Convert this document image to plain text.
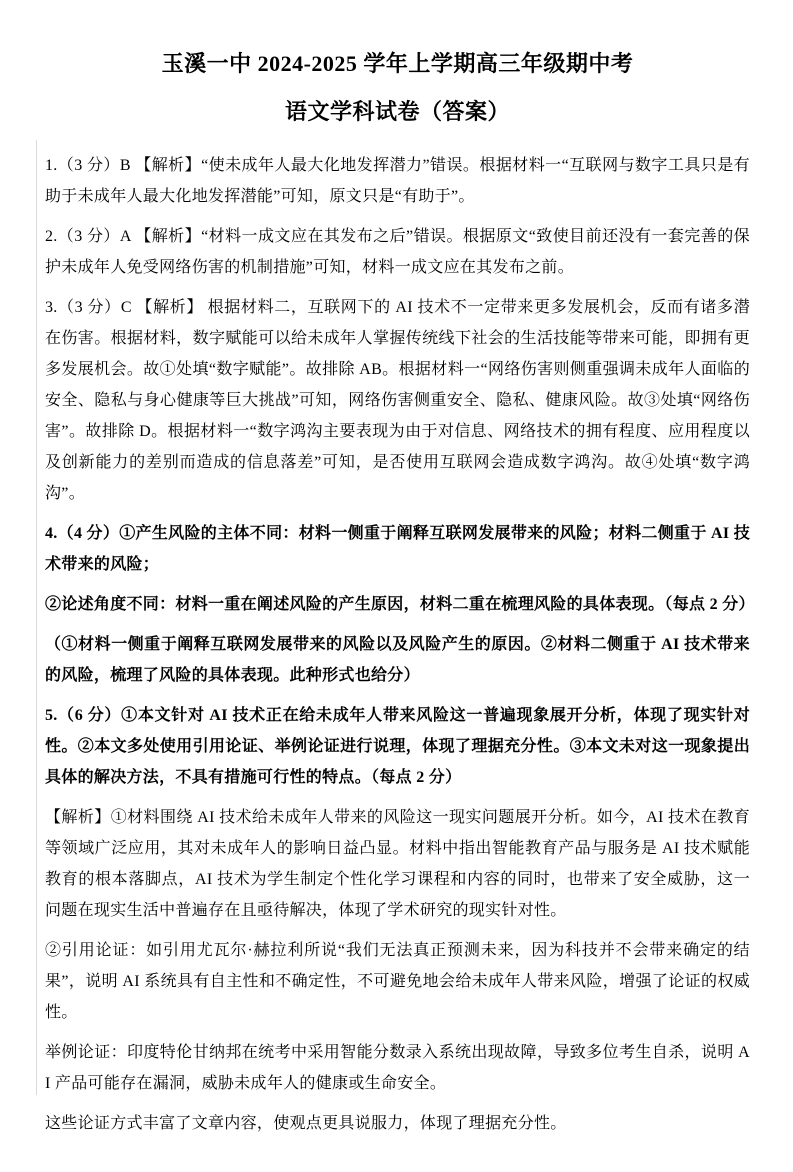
玉溪一中 2024-2025 学年上学期高三年级期中考
语文学科试卷（答案）

1.（3 分）B 【解析】“使未成年人最大化地发挥潜力”错误。根据材料一“互联网与数字工具只是有助于未成年人最大化地发挥潜能”可知，原文只是“有助于”。

2.（3 分）A 【解析】“材料一成文应在其发布之后”错误。根据原文“致使目前还没有一套完善的保护未成年人免受网络伤害的机制措施”可知，材料一成文应在其发布之前。

3.（3 分）C 【解析】 根据材料二，互联网下的 AI 技术不一定带来更多发展机会，反而有诸多潜在伤害。根据材料，数字赋能可以给未成年人掌握传统线下社会的生活技能等带来可能，即拥有更多发展机会。故①处填“数字赋能”。故排除 AB。根据材料一“网络伤害则侧重强调未成年人面临的安全、隐私与身心健康等巨大挑战”可知，网络伤害侧重安全、隐私、健康风险。故③处填“网络伤害”。故排除 D。根据材料一“数字鸿沟主要表现为由于对信息、网络技术的拥有程度、应用程度以及创新能力的差别而造成的信息落差”可知，是否使用互联网会造成数字鸿沟。故④处填“数字鸿沟”。

4.（4 分）①产生风险的主体不同：材料一侧重于阐释互联网发展带来的风险；材料二侧重于 AI 技术带来的风险；

②论述角度不同：材料一重在阐述风险的产生原因，材料二重在梳理风险的具体表现。（每点 2 分）

（①材料一侧重于阐释互联网发展带来的风险以及风险产生的原因。②材料二侧重于 AI 技术带来的风险，梳理了风险的具体表现。此种形式也给分）

5.（6 分）①本文针对 AI 技术正在给未成年人带来风险这一普遍现象展开分析，体现了现实针对性。②本文多处使用引用论证、举例论证进行说理，体现了理据充分性。③本文未对这一现象提出具体的解决方法，不具有措施可行性的特点。（每点 2 分）

【解析】①材料围绕 AI 技术给未成年人带来的风险这一现实问题展开分析。如今，AI 技术在教育等领域广泛应用，其对未成年人的影响日益凸显。材料中指出智能教育产品与服务是 AI 技术赋能教育的根本落脚点，AI 技术为学生制定个性化学习课程和内容的同时，也带来了安全威胁，这一问题在现实生活中普遍存在且亟待解决，体现了学术研究的现实针对性。

②引用论证：如引用尤瓦尔·赫拉利所说“我们无法真正预测未来，因为科技并不会带来确定的结果”，说明 AI 系统具有自主性和不确定性，不可避免地会给未成年人带来风险，增强了论证的权威性。

举例论证：印度特伦甘纳邦在统考中采用智能分数录入系统出现故障，导致多位考生自杀，说明 AI 产品可能存在漏洞，威胁未成年人的健康或生命安全。

这些论证方式丰富了文章内容，使观点更具说服力，体现了理据充分性。
